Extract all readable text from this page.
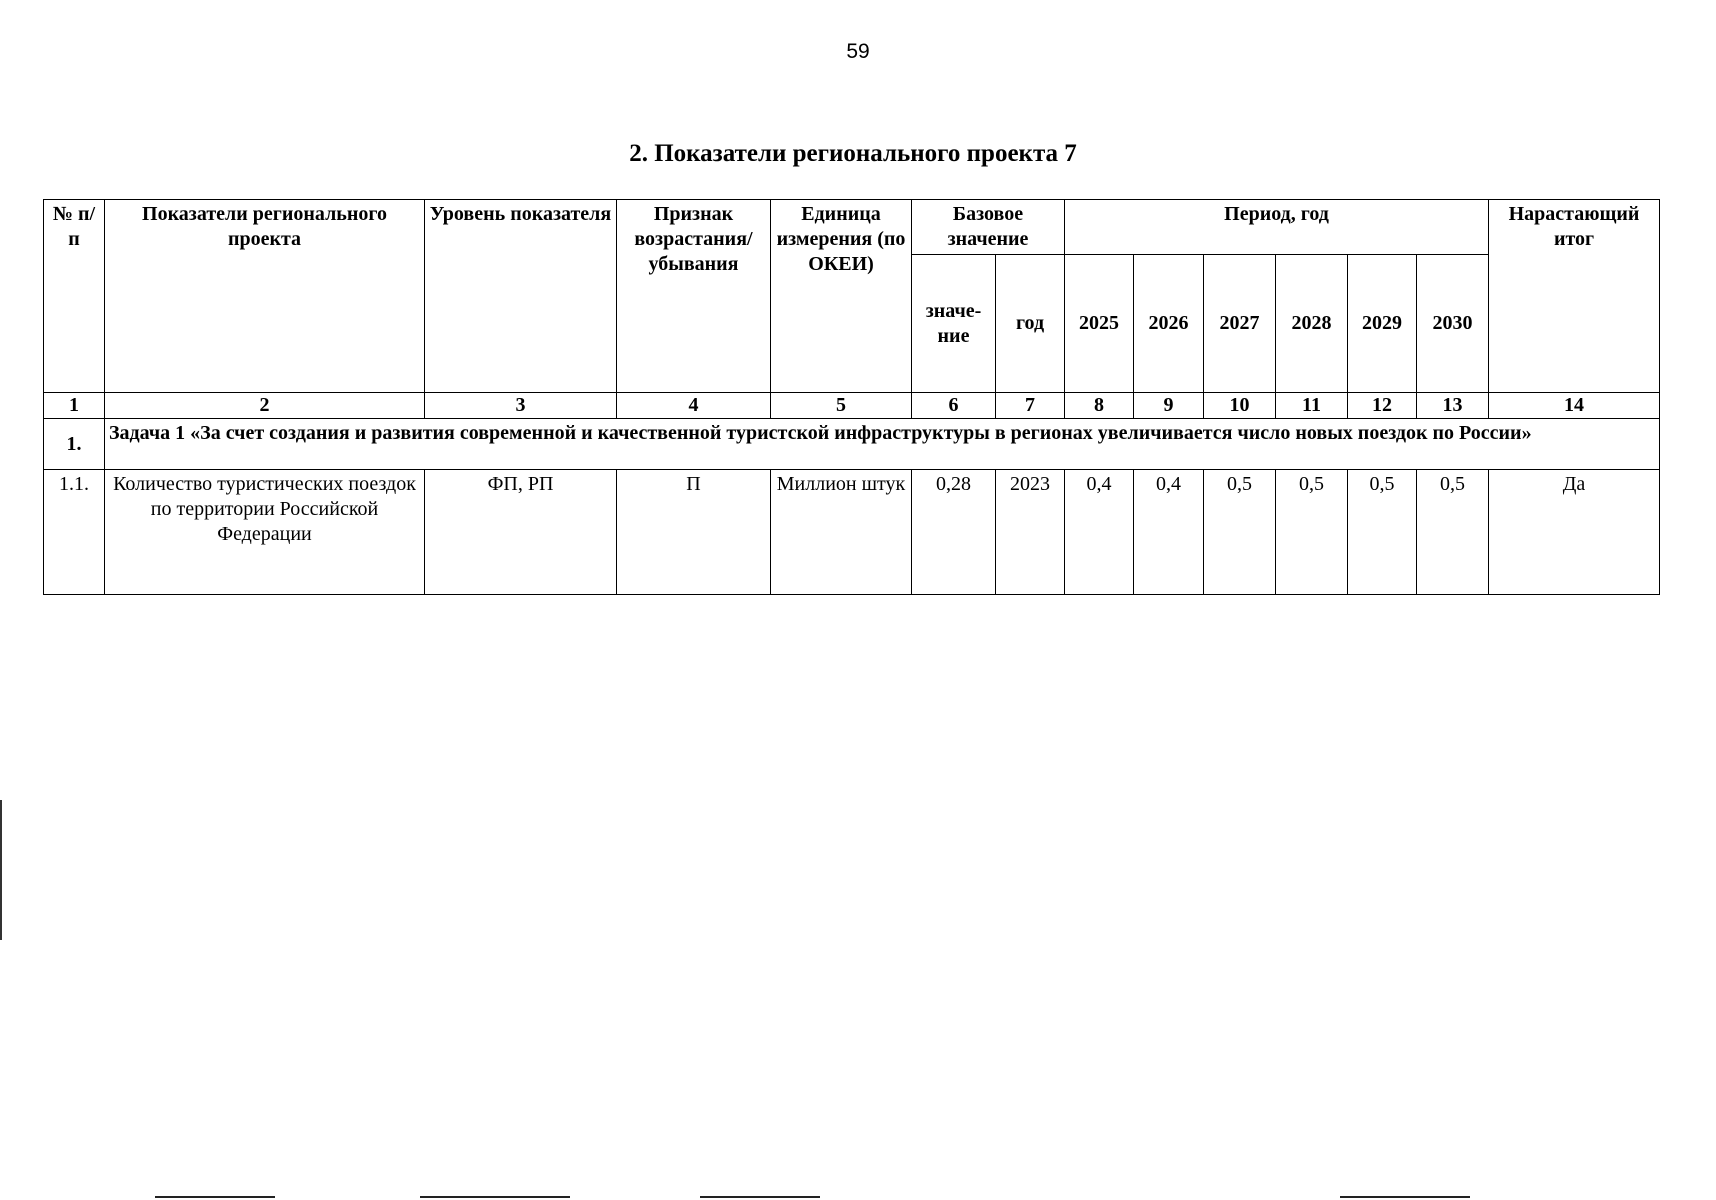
59
2. Показатели регионального проекта 7
№ п/п	Показатели регионального проекта	Уровень показателя	Признак возрастания/ убывания	Единица измерения (по ОКЕИ)	Базовое значение		Период, год						Нарастающий итог
					значе-ние	год	2025	2026	2027	2028	2029	2030	
1	2	3	4	5	6	7	8	9	10	11	12	13	14
1.	Задача 1 «За счет создания и развития современной и качественной туристской инфраструктуры в регионах увеличивается число новых поездок по России»												
1.1.	Количество туристических поездок по территории Российской Федерации	ФП, РП	П	Миллион штук	0,28	2023	0,4	0,4	0,5	0,5	0,5	0,5	Да
